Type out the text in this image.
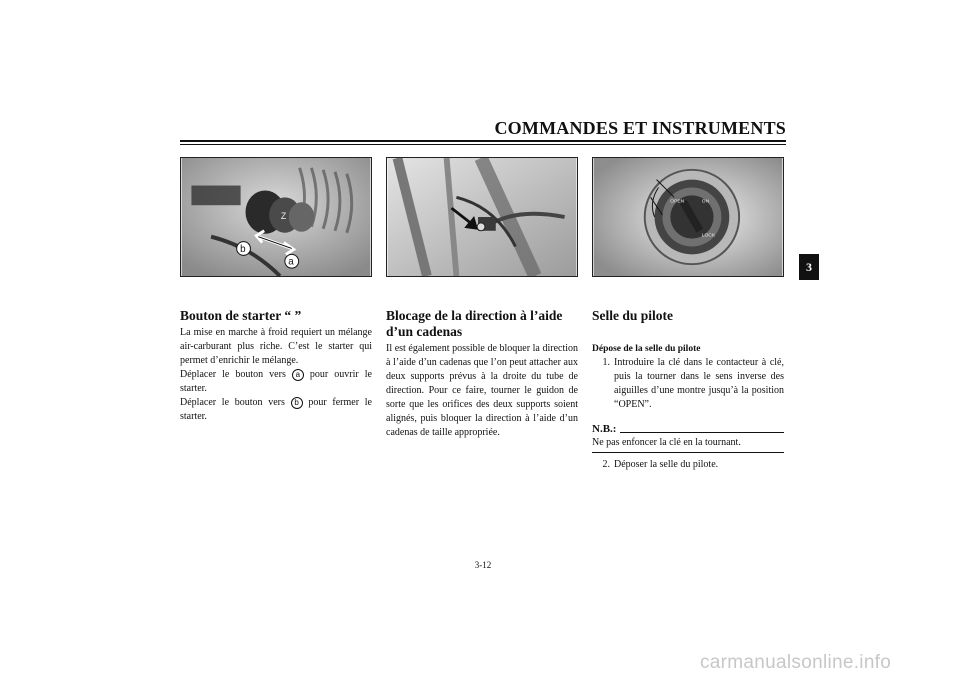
COMMANDES ET INSTRUMENTS
3
Z
b
a
OPEN	ON
LOCK
Bouton de starter “ ”

La mise en marche à froid requiert un mélange air-carburant plus riche. C’est le starter qui permet d’enrichir le mélange.

Déplacer le bouton vers a pour ouvrir le starter.

Déplacer le bouton vers b pour fermer le starter.

Blocage de la direction à l’aide d’un cadenas

Il est également possible de bloquer la direction à l’aide d’un cadenas que l’on peut attacher aux deux supports prévus à la droite du tube de direction. Pour ce faire, tourner le guidon de sorte que les orifices des deux supports soient alignés, puis bloquer la direction à l’aide d’un cadenas de taille appropriée.

Selle du pilote
Dépose de la selle du pilote
1. Introduire la clé dans le contacteur à clé, puis la tourner dans le sens inverse des aiguilles d’une montre jusqu’à la position “OPEN”.
N.B.:
Ne pas enfoncer la clé en la tournant.
2. Déposer la selle du pilote.
3-12
carmanualsonline.info
